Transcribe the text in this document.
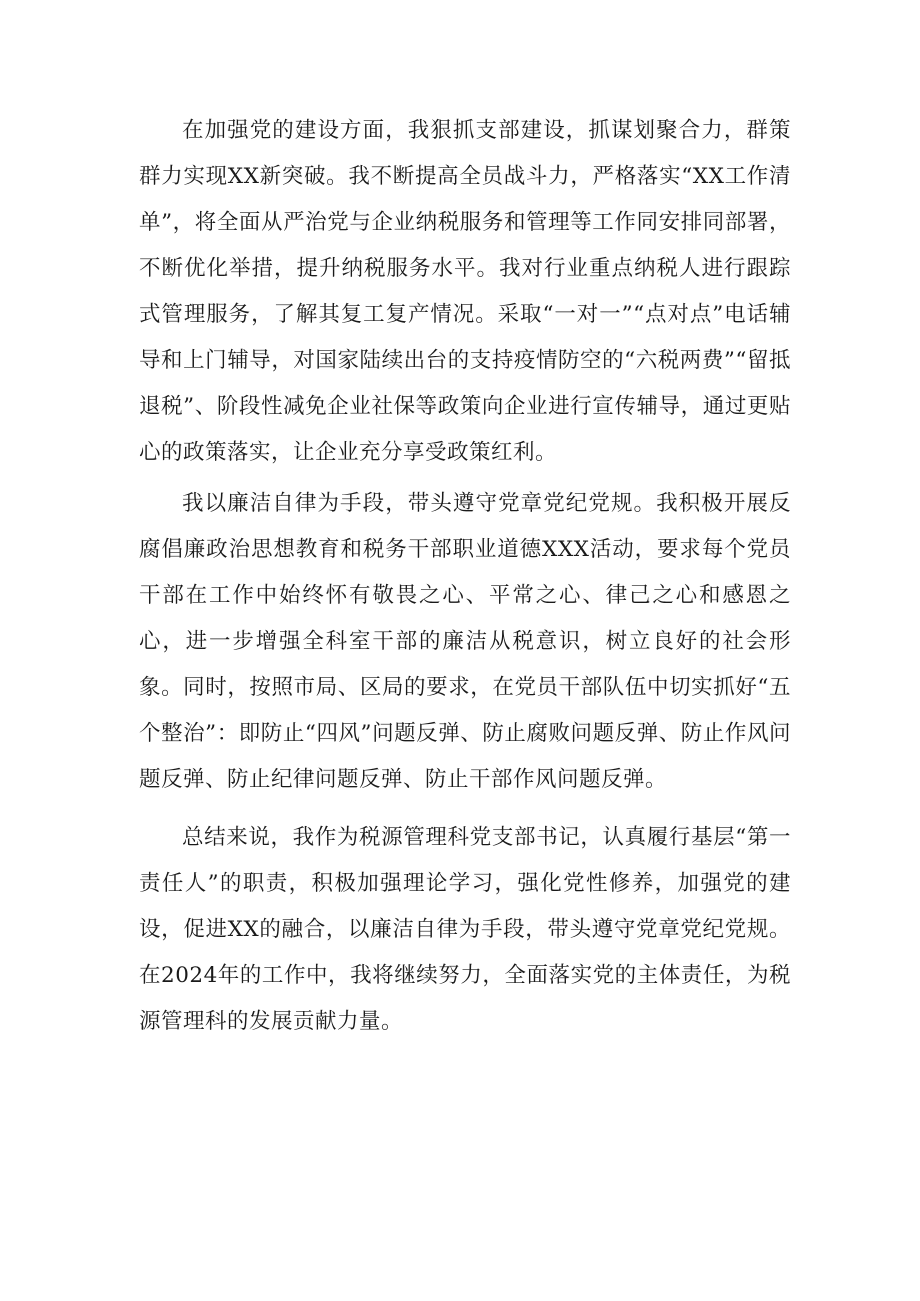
在加强党的建设方面，我狠抓支部建设，抓谋划聚合力，群策群力实现XX新突破。我不断提高全员战斗力，严格落实“XX工作清单”，将全面从严治党与企业纳税服务和管理等工作同安排同部署，不断优化举措，提升纳税服务水平。我对行业重点纳税人进行跟踪式管理服务，了解其复工复产情况。采取“一对一”“点对点”电话辅导和上门辅导，对国家陆续出台的支持疫情防空的“六税两费”“留抵退税”、阶段性减免企业社保等政策向企业进行宣传辅导，通过更贴心的政策落实，让企业充分享受政策红利。

我以廉洁自律为手段，带头遵守党章党纪党规。我积极开展反腐倡廉政治思想教育和税务干部职业道德XXX活动，要求每个党员干部在工作中始终怀有敬畏之心、平常之心、律己之心和感恩之心，进一步增强全科室干部的廉洁从税意识，树立良好的社会形象。同时，按照市局、区局的要求，在党员干部队伍中切实抓好“五个整治”：即防止“四风”问题反弹、防止腐败问题反弹、防止作风问题反弹、防止纪律问题反弹、防止干部作风问题反弹。

总结来说，我作为税源管理科党支部书记，认真履行基层“第一责任人”的职责，积极加强理论学习，强化党性修养，加强党的建设，促进XX的融合，以廉洁自律为手段，带头遵守党章党纪党规。在2024年的工作中，我将继续努力，全面落实党的主体责任，为税源管理科的发展贡献力量。
